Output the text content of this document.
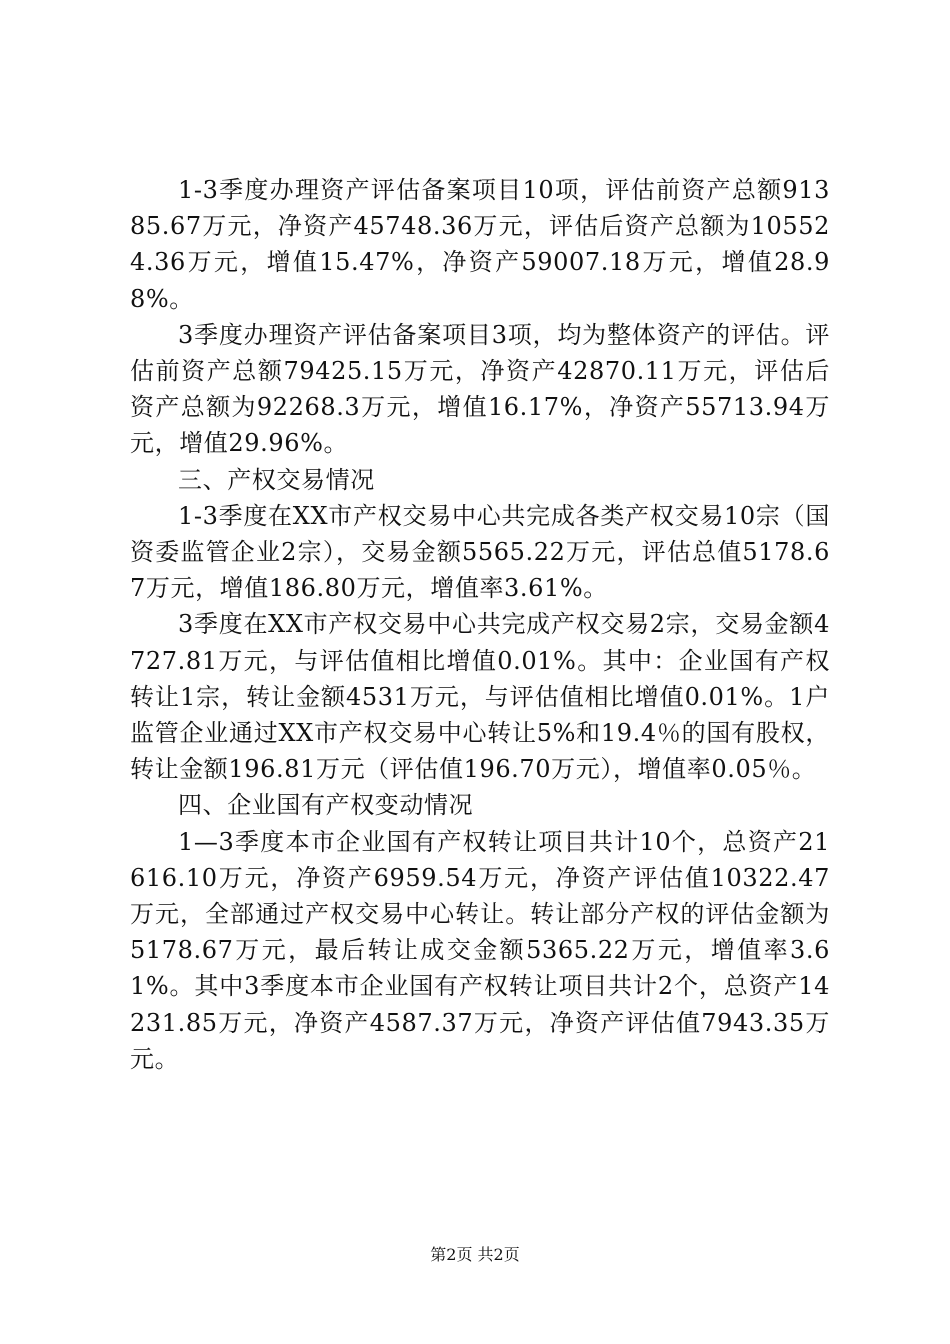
1-3季度办理资产评估备案项目10项，评估前资产总额91385.67万元，净资产45748.36万元，评估后资产总额为105524.36万元，增值15.47%，净资产59007.18万元，增值28.98%。

3季度办理资产评估备案项目3项，均为整体资产的评估。评估前资产总额79425.15万元，净资产42870.11万元，评估后资产总额为92268.3万元，增值16.17%，净资产55713.94万元，增值29.96%。

三、产权交易情况

1-3季度在XX市产权交易中心共完成各类产权交易10宗（国资委监管企业2宗），交易金额5565.22万元，评估总值5178.67万元，增值186.80万元，增值率3.61%。

3季度在XX市产权交易中心共完成产权交易2宗，交易金额4727.81万元，与评估值相比增值0.01%。其中：企业国有产权转让1宗，转让金额4531万元，与评估值相比增值0.01%。1户监管企业通过XX市产权交易中心转让5%和19.4％的国有股权，转让金额196.81万元（评估值196.70万元），增值率0.05％。

四、企业国有产权变动情况

1—3季度本市企业国有产权转让项目共计10个，总资产21616.10万元，净资产6959.54万元，净资产评估值10322.47万元，全部通过产权交易中心转让。转让部分产权的评估金额为5178.67万元，最后转让成交金额5365.22万元，增值率3.61%。其中3季度本市企业国有产权转让项目共计2个，总资产14231.85万元，净资产4587.37万元，净资产评估值7943.35万元。

第2页 共2页
